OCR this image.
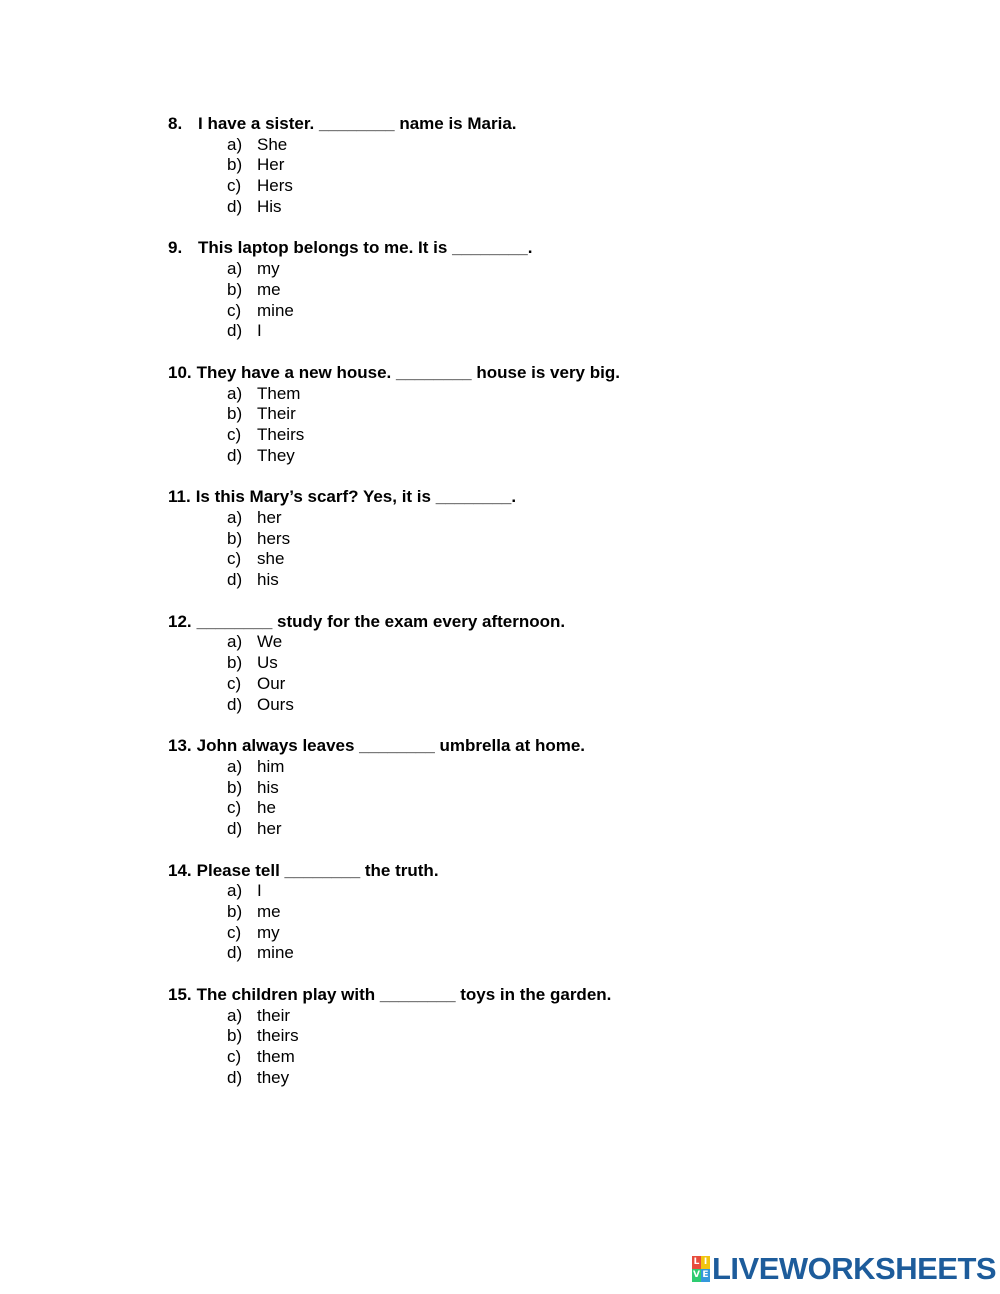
8. I have a sister. ________ name is Maria.
a) She
b) Her
c) Hers
d) His
9. This laptop belongs to me. It is ________.
a) my
b) me
c) mine
d) I
10. They have a new house. ________ house is very big.
a) Them
b) Their
c) Theirs
d) They
11. Is this Mary’s scarf? Yes, it is ________.
a) her
b) hers
c) she
d) his
12. ________ study for the exam every afternoon.
a) We
b) Us
c) Our
d) Ours
13. John always leaves ________ umbrella at home.
a) him
b) his
c) he
d) her
14. Please tell ________ the truth.
a) I
b) me
c) my
d) mine
15. The children play with ________ toys in the garden.
a) their
b) theirs
c) them
d) they
L I
V E LIVEWORKSHEETS
